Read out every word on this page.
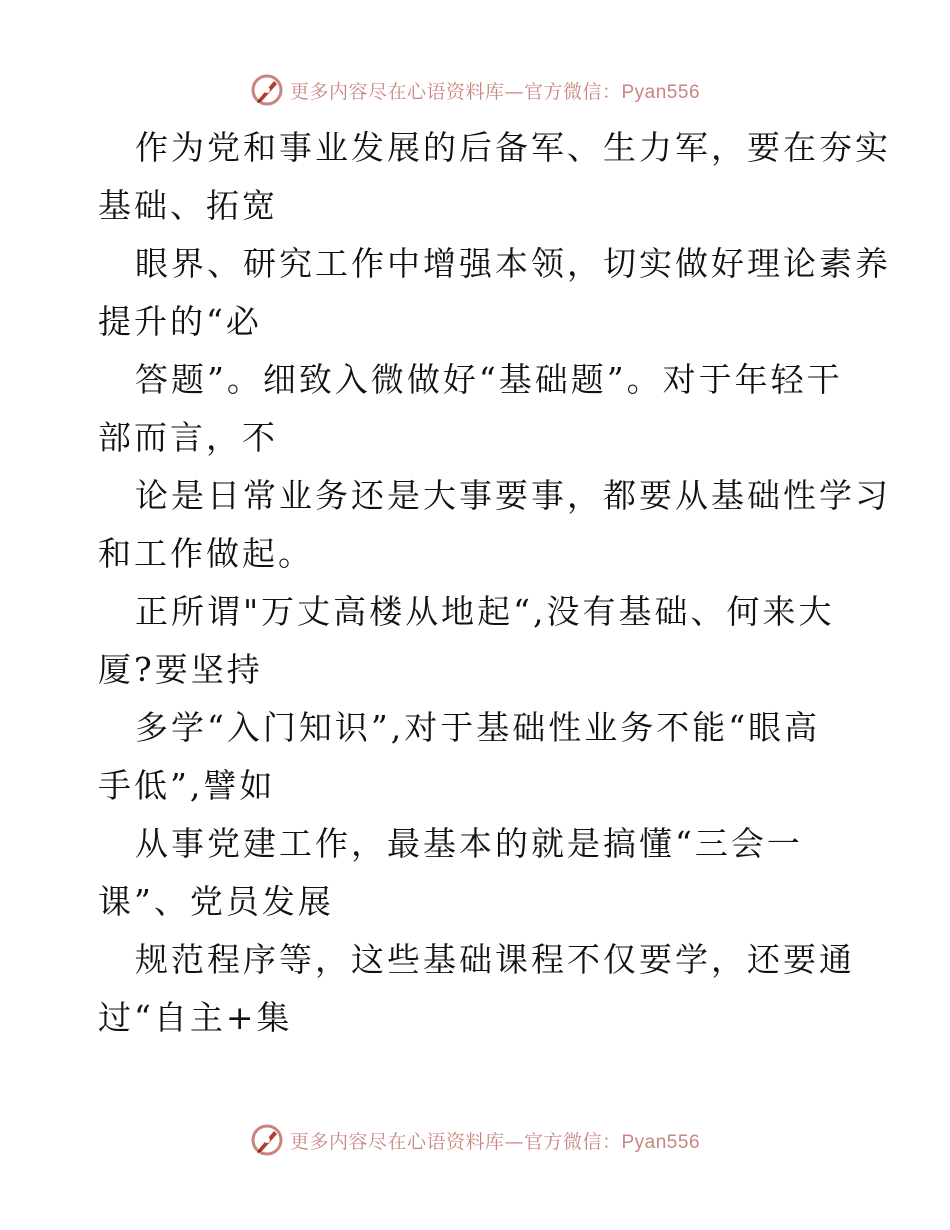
更多内容尽在心语资料库—官方微信：Pyan556

作为党和事业发展的后备军、生力军，要在夯实
基础、拓宽

眼界、研究工作中增强本领，切实做好理论素养
提升的“必

答题”。细致入微做好“基础题”。对于年轻干
部而言，不

论是日常业务还是大事要事，都要从基础性学习
和工作做起。

正所谓"万丈高楼从地起“,没有基础、何来大
厦?要坚持

多学“入门知识”,对于基础性业务不能“眼高
手低”,譬如

从事党建工作，最基本的就是搞懂“三会一
课”、党员发展

规范程序等，这些基础课程不仅要学，还要通
过“自主+集

更多内容尽在心语资料库—官方微信：Pyan556
